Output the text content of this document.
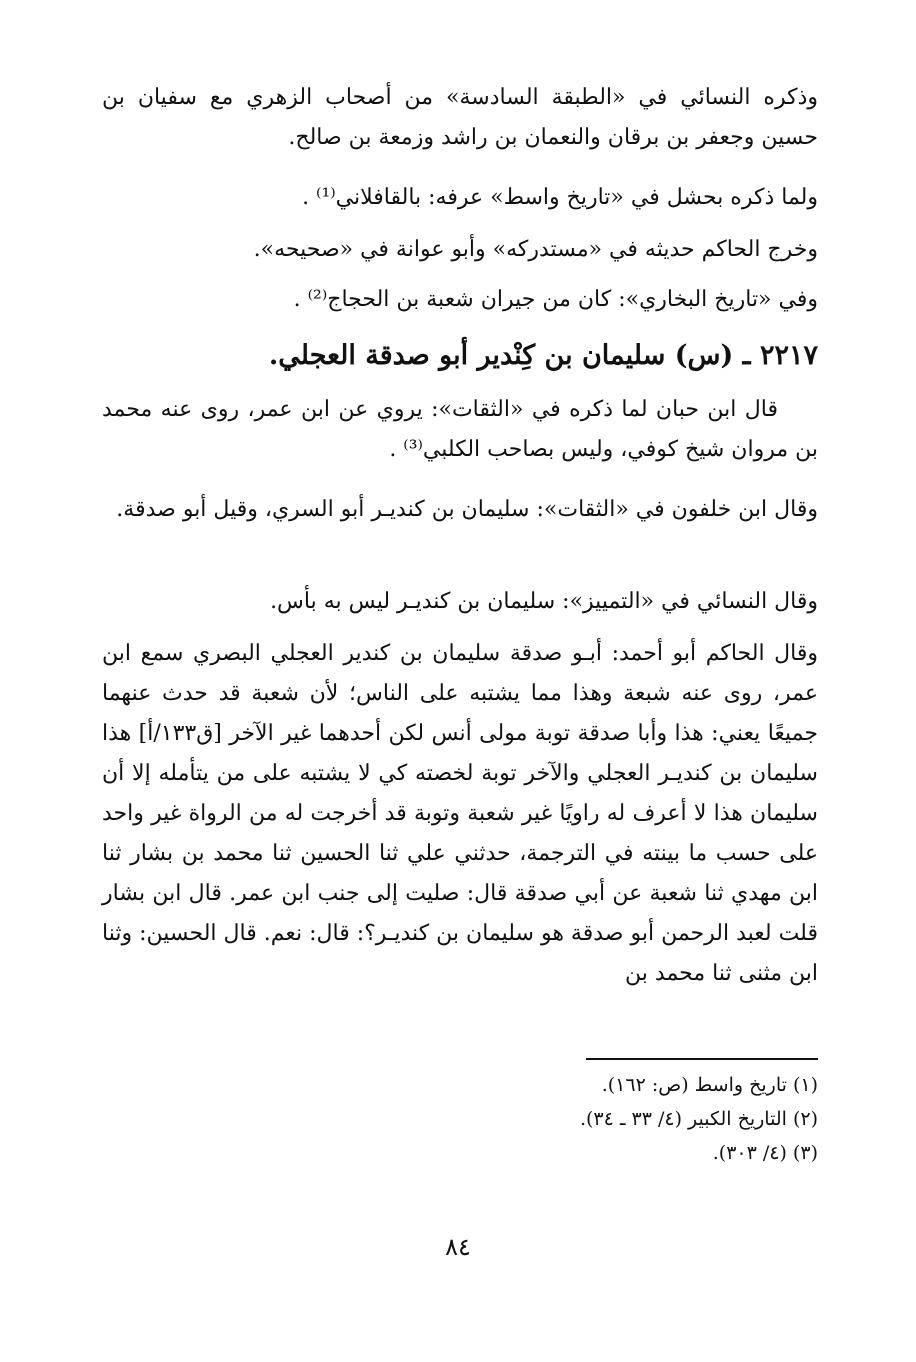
وذكره النسائي في «الطبقة السادسة» من أصحاب الزهري مع سفيان بن حسين وجعفر بن برقان والنعمان بن راشد وزمعة بن صالح.

ولما ذكره بحشل في «تاريخ واسط» عرفه: بالقافلاني⁽¹⁾ .

وخرج الحاكم حديثه في «مستدركه» وأبو عوانة في «صحيحه».

وفي «تاريخ البخاري»: كان من جيران شعبة بن الحجاج⁽²⁾ .

٢٢١٧ ـ (س) سليمان بن كِنْدير أبو صدقة العجلي.

قال ابن حبان لما ذكره في «الثقات»: يروي عن ابن عمر، روى عنه محمد بن مروان شيخ كوفي، وليس بصاحب الكلبي⁽³⁾ .

وقال ابن خلفون في «الثقات»: سليمان بن كنديـر أبو السري، وقيل أبو صدقة.

وقال النسائي في «التمييز»: سليمان بن كنديـر ليس به بأس.

وقال الحاكم أبو أحمد: أبـو صدقة سليمان بن كندير العجلي البصري سمع ابن عمر، روى عنه شبعة وهذا مما يشتبه على الناس؛ لأن شعبة قد حدث عنهما جميعًا يعني: هذا وأبا صدقة توبة مولى أنس لكن أحدهما غير الآخر [ق١٣٣/أ] هذا سليمان بن كنديـر العجلي والآخر توبة لخصته كي لا يشتبه على من يتأمله إلا أن سليمان هذا لا أعرف له راويًا غير شعبة وتوبة قد أخرجت له من الرواة غير واحد على حسب ما بينته في الترجمة، حدثني علي ثنا الحسين ثنا محمد بن بشار ثنا ابن مهدي ثنا شعبة عن أبي صدقة قال: صليت إلى جنب ابن عمر. قال ابن بشار قلت لعبد الرحمن أبو صدقة هو سليمان بن كنديـر؟: قال: نعم. قال الحسين: وثنا ابن مثنى ثنا محمد بن

(١) تاريخ واسط (ص: ١٦٢).
(٢) التاريخ الكبير (٤/ ٣٣ ـ ٣٤).
(٣) (٤/ ٣٠٣).
٨٤
